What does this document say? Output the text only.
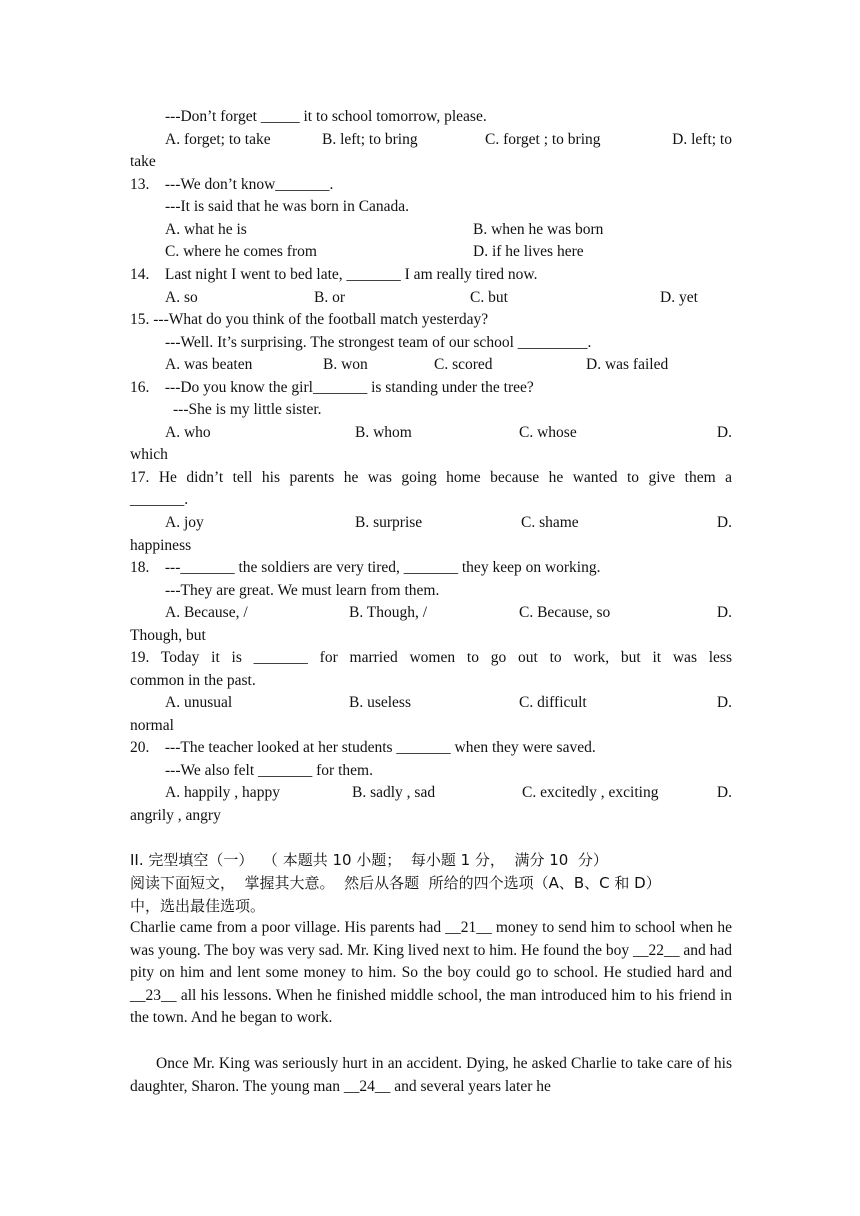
---Don’t forget _____ it to school tomorrow, please.

A. forget; to take

	B. left; to bring

	C. forget ; to bring

	D. left; to

take
13.    ---We don’t know_______.
---It is said that he was born in Canada.

A. what he is

	B. when he was born

C. where he comes from

	D. if he lives here

14.    Last night I went to bed late, _______ I am really tired now.

A. so

	B. or

	C. but

	D. yet

15. ---What do you think of the football match yesterday?
---Well. It’s surprising. The strongest team of our school _________.

A. was beaten

	B. won

	C. scored

	D. was failed

16.    ---Do you know the girl_______ is standing under the tree?
---She is my little sister.

A. who

	B. whom

	C. whose

	D.

which
17. He didn’t tell his parents he was going home because he wanted to give them a
_______.

A. joy

	B. surprise

	C. shame

	D.

happiness
18.    ---_______ the soldiers are very tired, _______ they keep on working.
---They are great. We must learn from them.

A. Because, /

	B. Though, /

	C. Because, so

	D.

Though, but
19. Today it is _______ for married women to go out to work, but it was less
common in the past.

A. unusual

	B. useless

	C. difficult

	D.

normal
20.    ---The teacher looked at her students _______ when they were saved.
---We also felt _______ for them.

A. happily , happy

	B. sadly , sad

	C. excitedly , exciting

	D.

angrily , angry
II. 完型填空（一）  （ 本题共 10 小题；  每小题 1 分，  满分 10  分）
阅读下面短文，  掌握其大意。  然后从各题  所给的四个选项（A、B、C 和 D）
中，选出最佳选项。
Charlie came from a poor village. His parents had __21__ money to send him to school when he was young. The boy was very sad. Mr. King lived next to him. He found the boy __22__ and had pity on him and lent some money to him. So the boy could go to school. He studied hard and __23__ all his lessons. When he finished middle school, the man introduced him to his friend in the town. And he began to work.
Once Mr. King was seriously hurt in an accident. Dying, he asked Charlie to take care of his daughter, Sharon. The young man __24__ and several years later he
